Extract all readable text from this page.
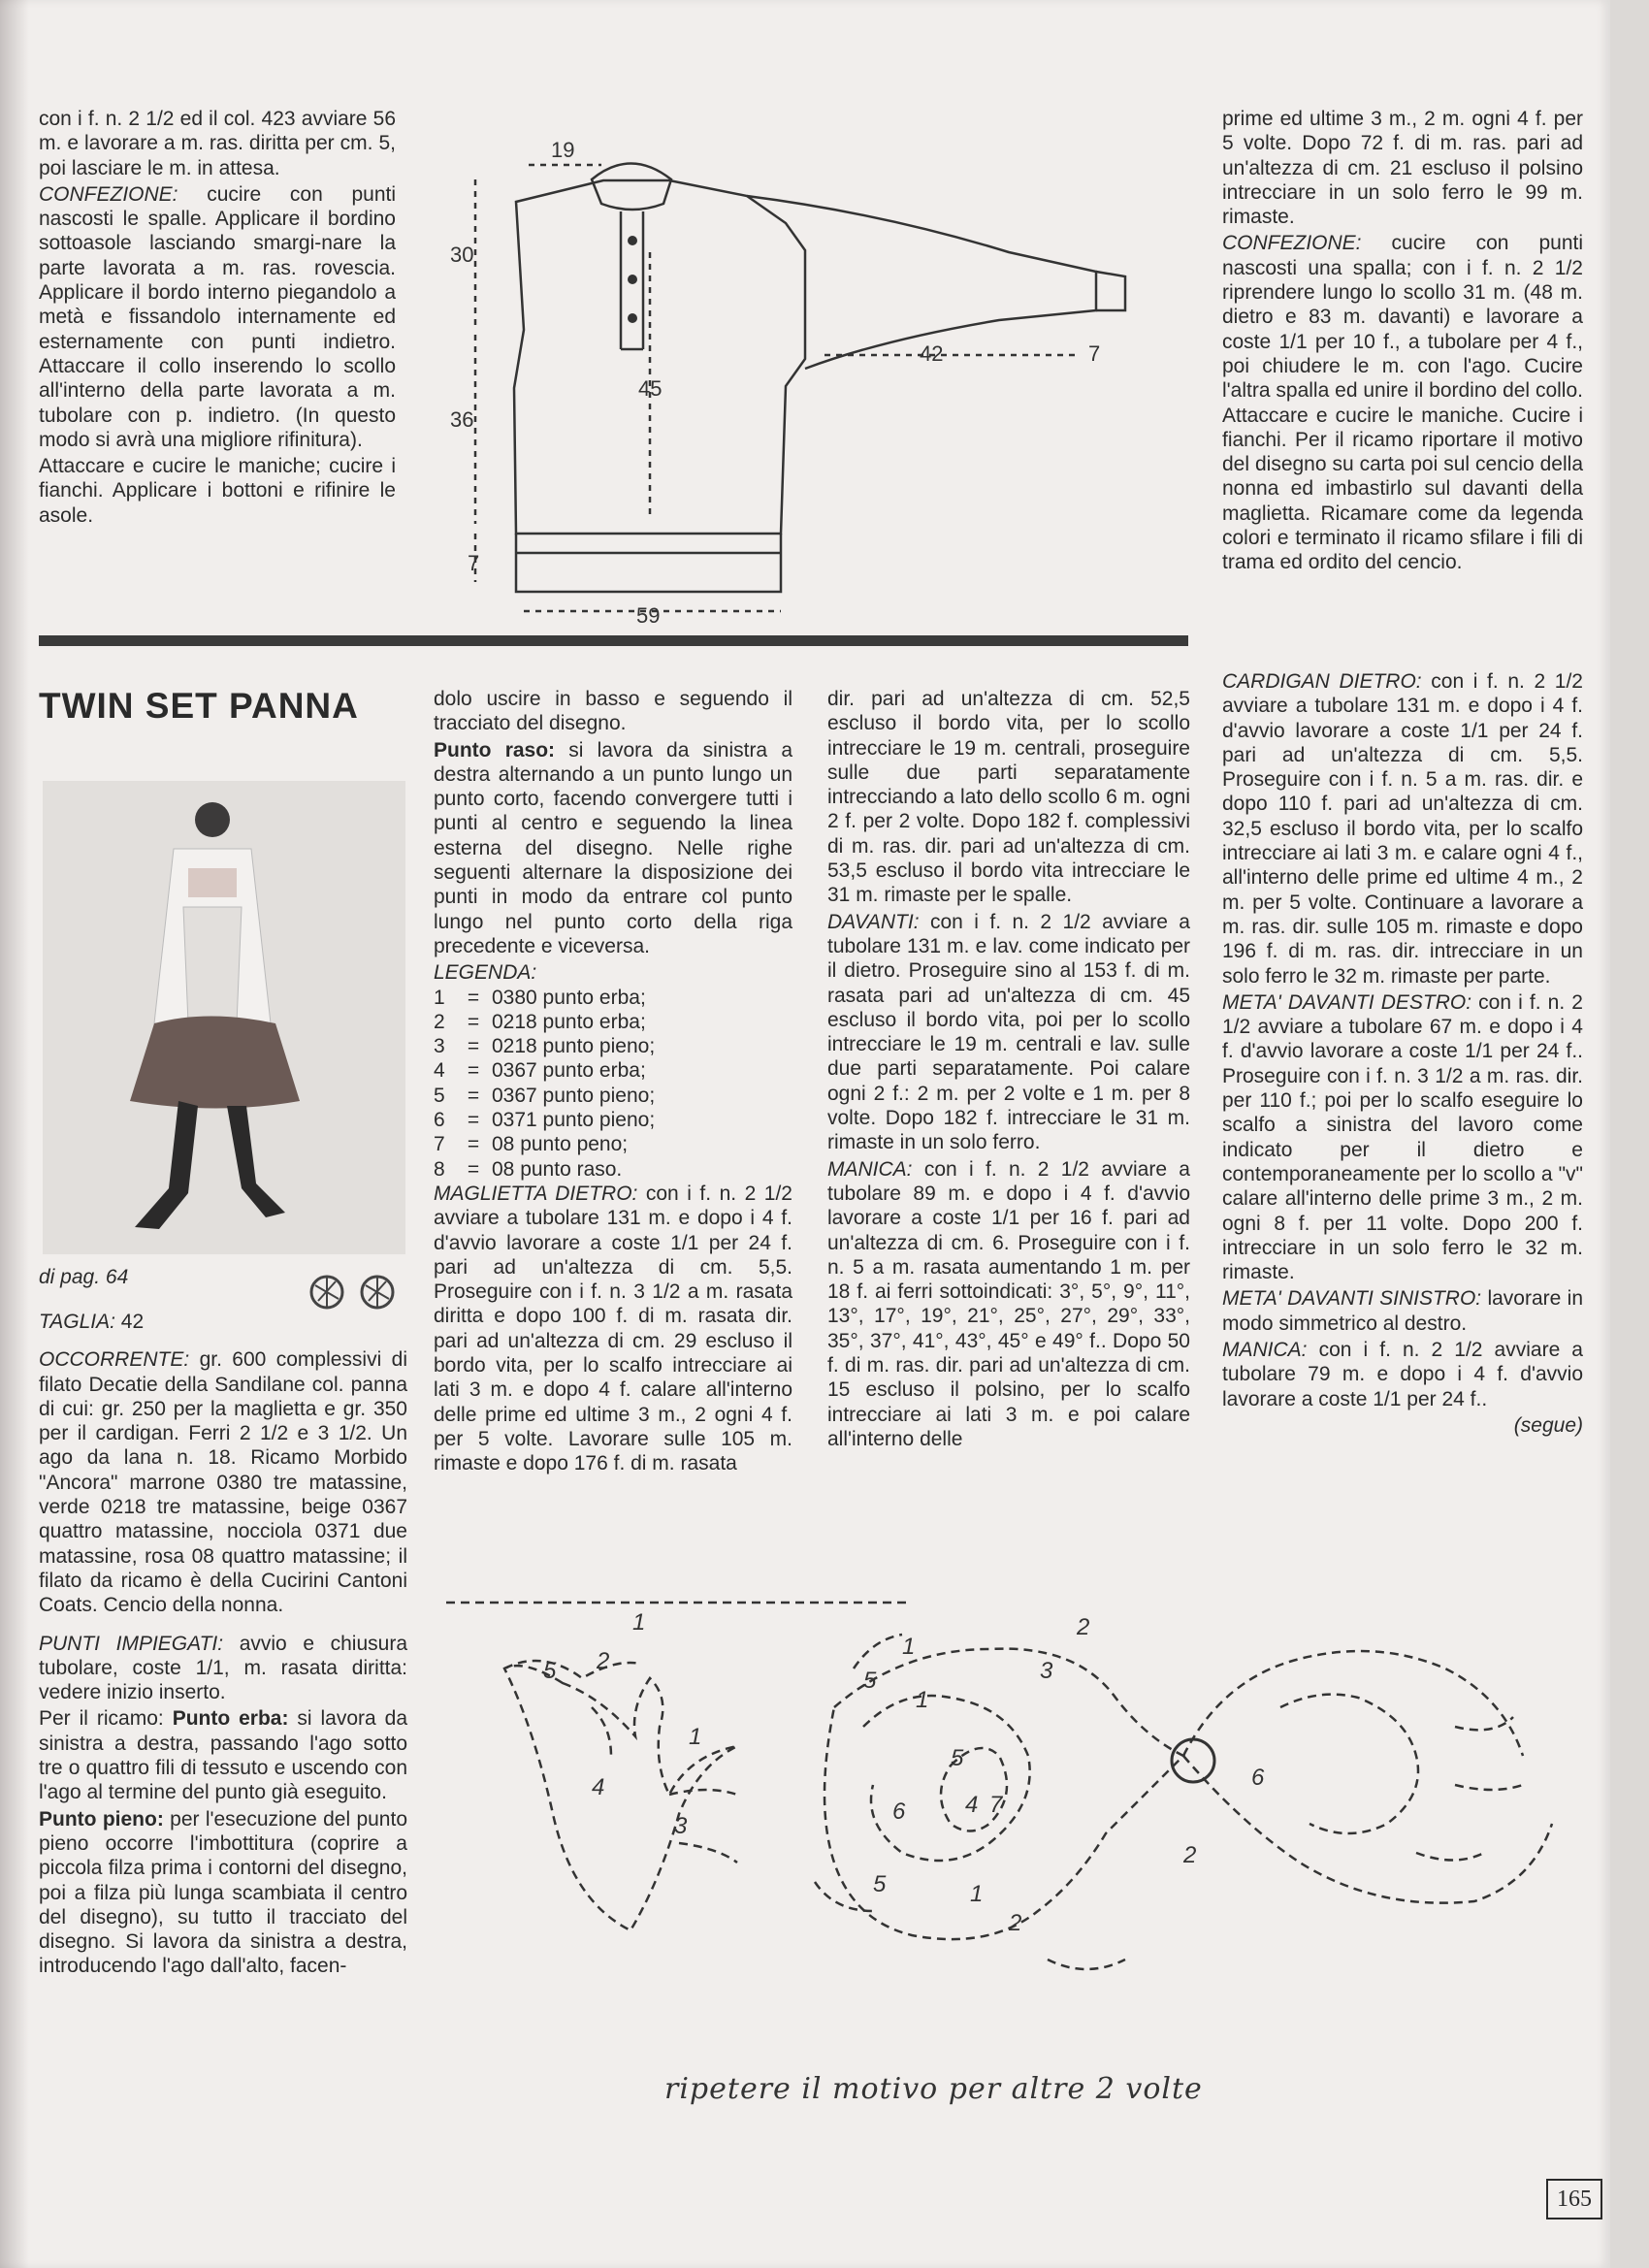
con i f. n. 2 1/2 ed il col. 423 avviare 56 m. e lavorare a m. ras. diritta per cm. 5, poi lasciare le m. in attesa.

CONFEZIONE: cucire con punti nascosti le spalle. Applicare il bordino sottoasole lasciando smargi-nare la parte lavorata a m. ras. rovescia. Applicare il bordo interno piegandolo a metà e fissandolo internamente ed esternamente con punti indietro. Attaccare il collo inserendo lo scollo all'interno della parte lavorata a m. tubolare con p. indietro. (In questo modo si avrà una migliore rifinitura).

Attaccare e cucire le maniche; cucire i fianchi. Applicare i bottoni e rifinire le asole.

19
30
36
7
45
42	7
59

prime ed ultime 3 m., 2 m. ogni 4 f. per 5 volte. Dopo 72 f. di m. ras. pari ad un'altezza di cm. 21 escluso il polsino intrecciare in un solo ferro le 99 m. rimaste.

CONFEZIONE: cucire con punti nascosti una spalla; con i f. n. 2 1/2 riprendere lungo lo scollo 31 m. (48 m. dietro e 83 m. davanti) e lavorare a coste 1/1 per 10 f., a tubolare per 4 f., poi chiudere le m. con l'ago. Cucire l'altra spalla ed unire il bordino del collo. Attaccare e cucire le maniche. Cucire i fianchi. Per il ricamo riportare il motivo del disegno su carta poi sul cencio della nonna ed imbastirlo sul davanti della maglietta. Ricamare come da legenda colori e terminato il ricamo sfilare i fili di trama ed ordito del cencio.

TWIN SET PANNA
di pag. 64

TAGLIA: 42

OCCORRENTE: gr. 600 complessivi di filato Decatie della Sandilane col. panna di cui: gr. 250 per la maglietta e gr. 350 per il cardigan. Ferri 2 1/2 e 3 1/2. Un ago da lana n. 18. Ricamo Morbido "Ancora" marrone 0380 tre matassine, verde 0218 tre matassine, beige 0367 quattro matassine, nocciola 0371 due matassine, rosa 08 quattro matassine; il filato da ricamo è della Cucirini Cantoni Coats. Cencio della nonna.

PUNTI IMPIEGATI: avvio e chiusura tubolare, coste 1/1, m. rasata diritta: vedere inizio inserto.

Per il ricamo: Punto erba: si lavora da sinistra a destra, passando l'ago sotto tre o quattro fili di tessuto e uscendo con l'ago al termine del punto già eseguito.

Punto pieno: per l'esecuzione del punto pieno occorre l'imbottitura (coprire a piccola filza prima i contorni del disegno, poi a filza più lunga scambiata il centro del disegno), su tutto il tracciato del disegno. Si lavora da sinistra a destra, introducendo l'ago dall'alto, facen-

dolo uscire in basso e seguendo il tracciato del disegno.

Punto raso: si lavora da sinistra a destra alternando a un punto lungo un punto corto, facendo convergere tutti i punti al centro e seguendo la linea esterna del disegno. Nelle righe seguenti alternare la disposizione dei punti in modo da entrare col punto lungo nel punto corto della riga precedente e viceversa.

LEGENDA:

1	= 0380 punto erba;
2	= 0218 punto erba;
3	= 0218 punto pieno;
4	= 0367 punto erba;
5	= 0367 punto pieno;
6	= 0371 punto pieno;
7	= 08 punto peno;
8	= 08 punto raso.

MAGLIETTA DIETRO: con i f. n. 2 1/2 avviare a tubolare 131 m. e dopo i 4 f. d'avvio lavorare a coste 1/1 per 24 f. pari ad un'altezza di cm. 5,5. Proseguire con i f. n. 3 1/2 a m. rasata diritta e dopo 100 f. di m. rasata dir. pari ad un'altezza di cm. 29 escluso il bordo vita, per lo scalfo intrecciare ai lati 3 m. e dopo 4 f. calare all'interno delle prime ed ultime 3 m., 2 ogni 4 f. per 5 volte. Lavorare sulle 105 m. rimaste e dopo 176 f. di m. rasata

dir. pari ad un'altezza di cm. 52,5 escluso il bordo vita, per lo scollo intrecciare le 19 m. centrali, proseguire sulle due parti separatamente intrecciando a lato dello scollo 6 m. ogni 2 f. per 2 volte. Dopo 182 f. complessivi di m. ras. dir. pari ad un'altezza di cm. 53,5 escluso il bordo vita intrecciare le 31 m. rimaste per le spalle.

DAVANTI: con i f. n. 2 1/2 avviare a tubolare 131 m. e lav. come indicato per il dietro. Proseguire sino al 153 f. di m. rasata pari ad un'altezza di cm. 45 escluso il bordo vita, poi per lo scollo intrecciare le 19 m. centrali e lav. sulle due parti separatamente. Poi calare ogni 2 f.: 2 m. per 2 volte e 1 m. per 8 volte. Dopo 182 f. intrecciare le 31 m. rimaste in un solo ferro.

MANICA: con i f. n. 2 1/2 avviare a tubolare 89 m. e dopo i 4 f. d'avvio lavorare a coste 1/1 per 16 f. pari ad un'altezza di cm. 6. Proseguire con i f. n. 5 a m. rasata aumentando 1 m. per 18 f. ai ferri sottoindicati: 3°, 5°, 9°, 11°, 13°, 17°, 19°, 21°, 25°, 27°, 29°, 33°, 35°, 37°, 41°, 43°, 45° e 49° f.. Dopo 50 f. di m. ras. dir. pari ad un'altezza di cm. 15 escluso il polsino, per lo scalfo intrecciare ai lati 3 m. e poi calare all'interno delle

CARDIGAN DIETRO: con i f. n. 2 1/2 avviare a tubolare 131 m. e dopo i 4 f. d'avvio lavorare a coste 1/1 per 24 f. pari ad un'altezza di cm. 5,5. Proseguire con i f. n. 5 a m. ras. dir. e dopo 110 f. pari ad un'altezza di cm. 32,5 escluso il bordo vita, per lo scalfo intrecciare ai lati 3 m. e calare ogni 4 f., all'interno delle prime ed ultime 4 m., 2 m. per 5 volte. Continuare a lavorare a m. ras. dir. sulle 105 m. rimaste e dopo 196 f. di m. ras. dir. intrecciare in un solo ferro le 32 m. rimaste per parte.

META' DAVANTI DESTRO: con i f. n. 2 1/2 avviare a tubolare 67 m. e dopo i 4 f. d'avvio lavorare a coste 1/1 per 24 f.. Proseguire con i f. n. 3 1/2 a m. ras. dir. per 110 f.; poi per lo scalfo eseguire lo scalfo a sinistra del lavoro come indicato per il dietro e contemporaneamente per lo scollo a "v" calare all'interno delle prime 3 m., 2 m. ogni 8 f. per 11 volte. Dopo 200 f. intrecciare in un solo ferro le 32 m. rimaste.

META' DAVANTI SINISTRO: lavorare in modo simmetrico al destro.

MANICA: con i f. n. 2 1/2 avviare a tubolare 79 m. e dopo i 4 f. d'avvio lavorare a coste 1/1 per 24 f..

(segue)

1
2
5
4
3
2
3
1
5
5
6	7
4
2
6
1
2
5
1
1
ripetere il motivo per altre 2 volte
165
